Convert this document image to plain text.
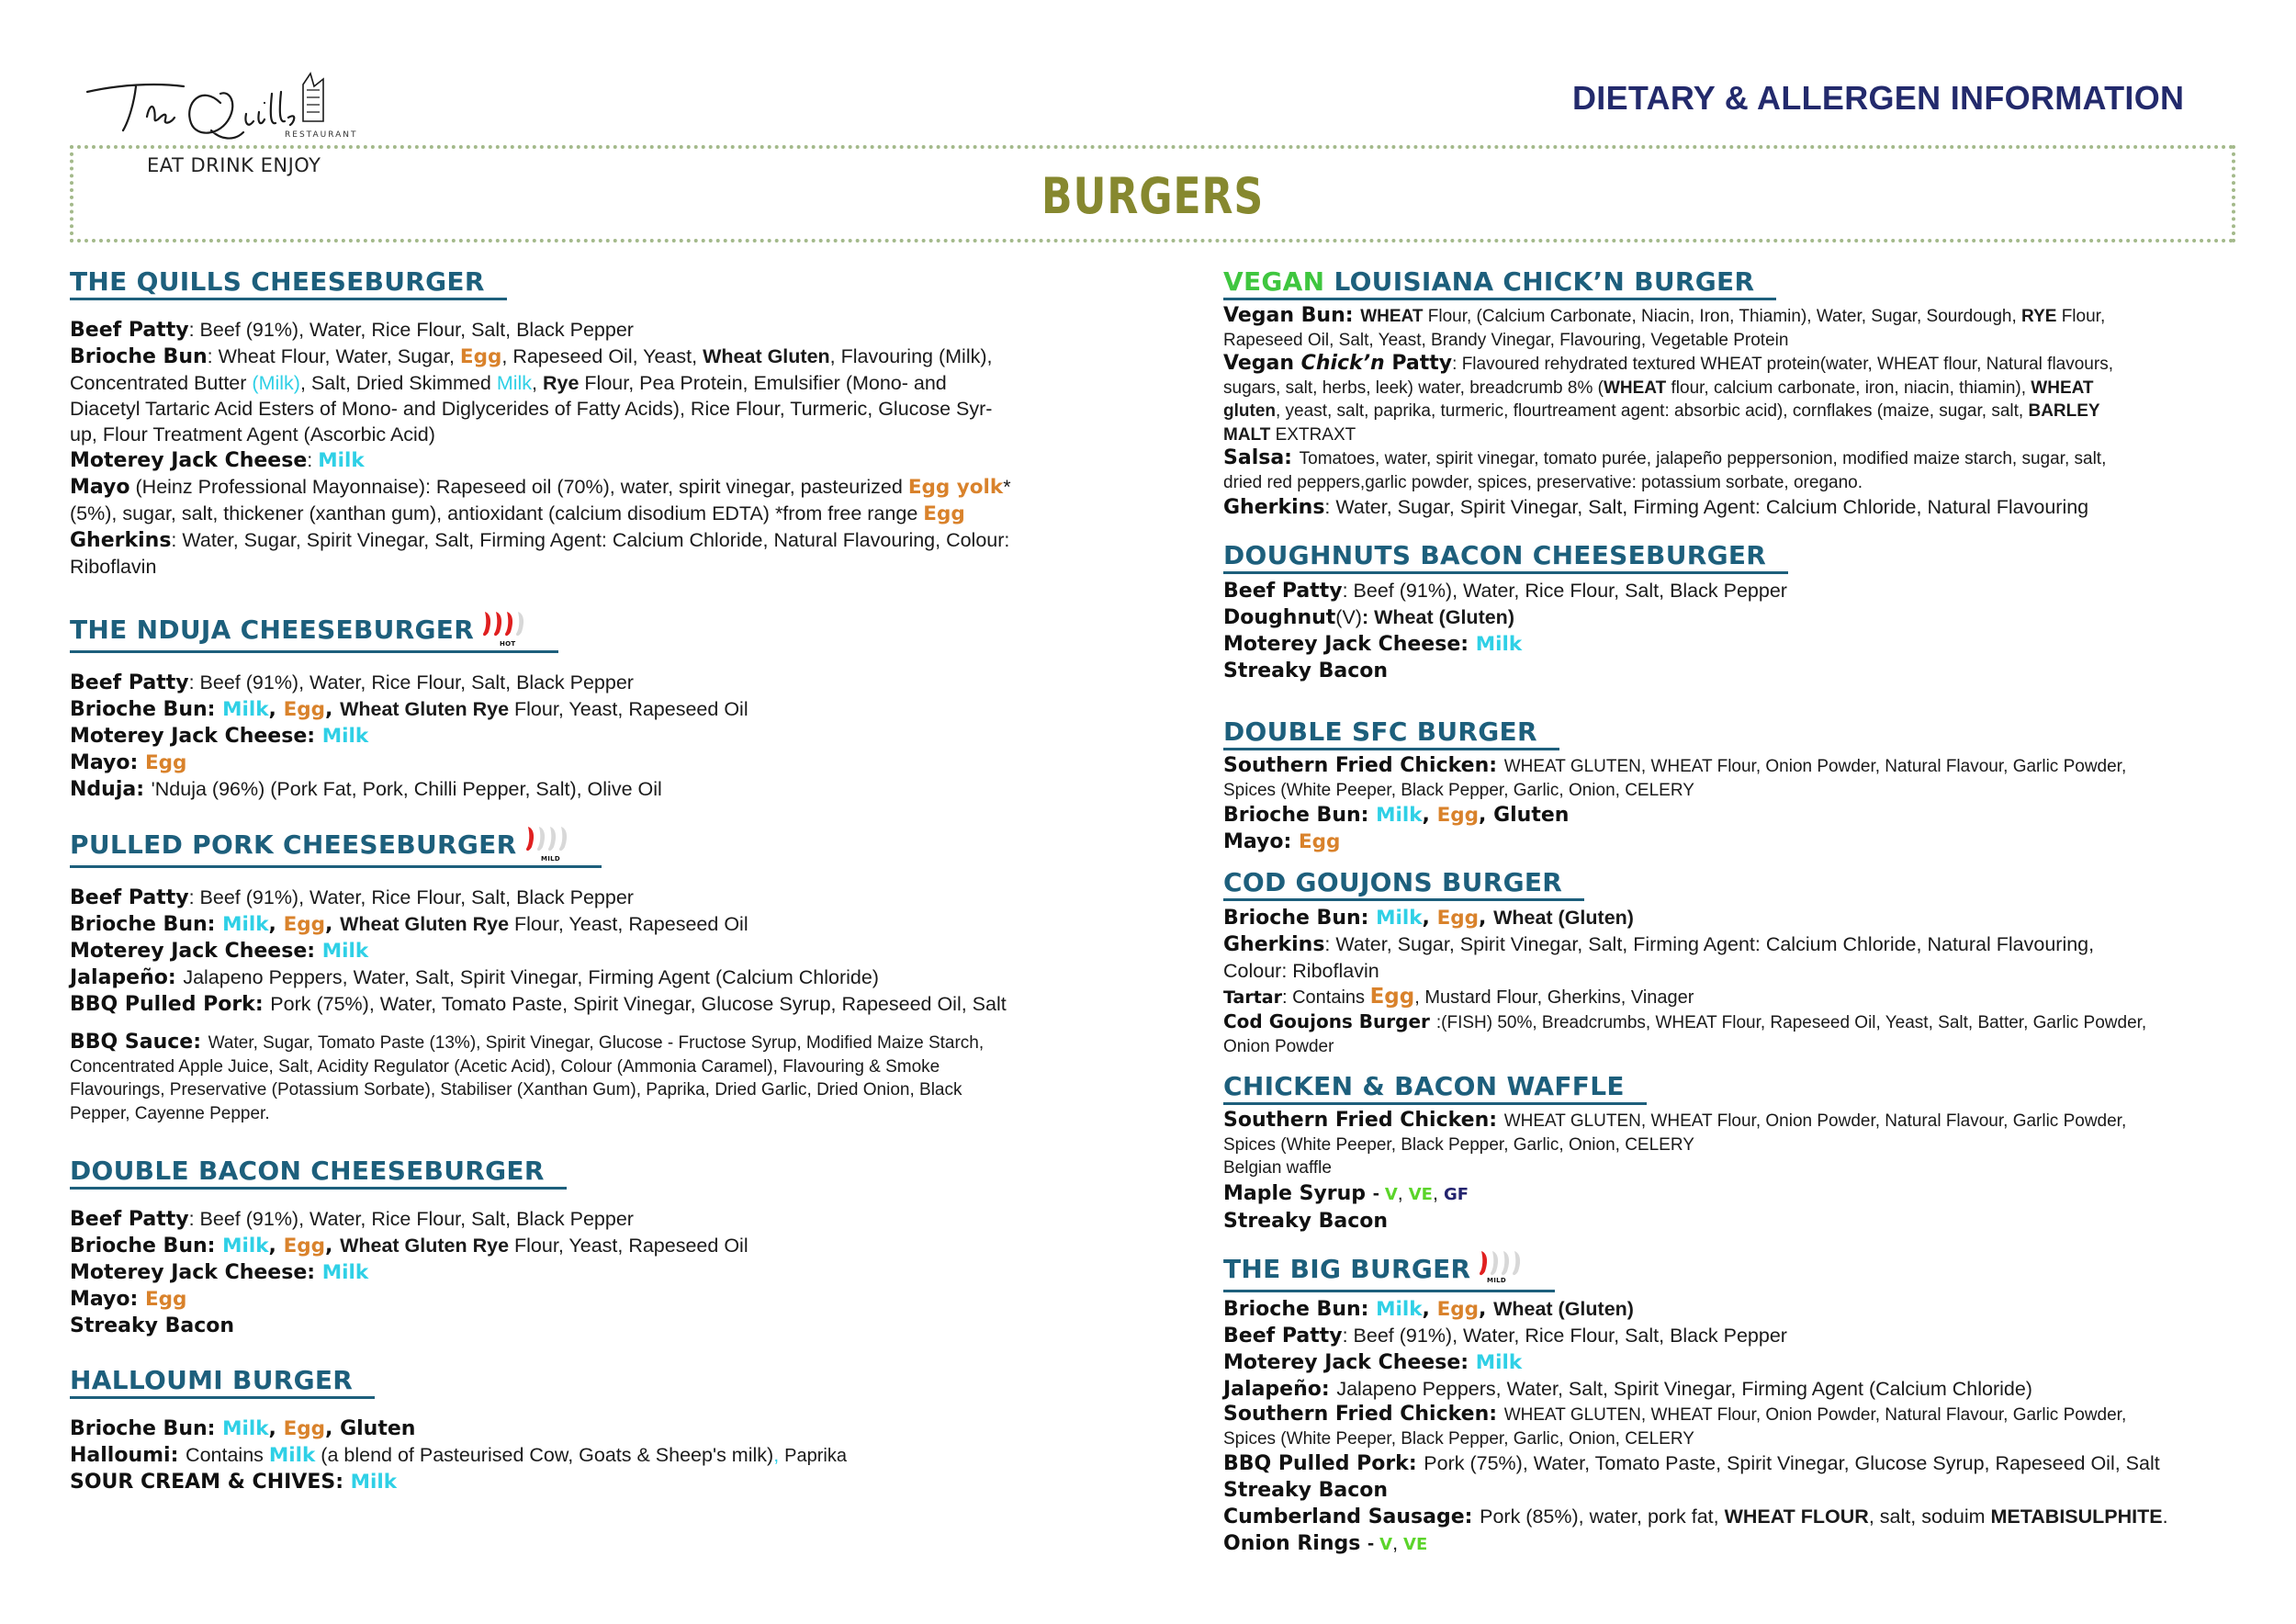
RESTAURANT
EAT DRINK ENJOY
DIETARY & ALLERGEN INFORMATION
BURGERS
THE QUILLS CHEESEBURGER
Beef Patty: Beef (91%), Water, Rice Flour, Salt, Black Pepper
Brioche Bun: Wheat Flour, Water, Sugar, Egg, Rapeseed Oil, Yeast, Wheat Gluten, Flavouring (Milk),
Concentrated Butter (Milk), Salt, Dried Skimmed Milk, Rye Flour, Pea Protein, Emulsifier (Mono- and
Diacetyl Tartaric Acid Esters of Mono- and Diglycerides of Fatty Acids), Rice Flour, Turmeric, Glucose Syr-
up, Flour Treatment Agent (Ascorbic Acid)
Moterey Jack Cheese: Milk
Mayo (Heinz Professional Mayonnaise): Rapeseed oil (70%), water, spirit vinegar, pasteurized Egg yolk*
(5%), sugar, salt, thickener (xanthan gum), antioxidant (calcium disodium EDTA) *from free range Egg
Gherkins: Water, Sugar, Spirit Vinegar, Salt, Firming Agent: Calcium Chloride, Natural Flavouring, Colour:
Riboflavin
THE NDUJA CHEESEBURGER	HOT
Beef Patty: Beef (91%), Water, Rice Flour, Salt, Black Pepper
Brioche Bun: Milk, Egg, Wheat Gluten Rye Flour, Yeast, Rapeseed Oil
Moterey Jack Cheese: Milk
Mayo: Egg
Nduja: 'Nduja (96%) (Pork Fat, Pork, Chilli Pepper, Salt), Olive Oil
PULLED PORK CHEESEBURGER	MILD
Beef Patty: Beef (91%), Water, Rice Flour, Salt, Black Pepper
Brioche Bun: Milk, Egg, Wheat Gluten Rye Flour, Yeast, Rapeseed Oil
Moterey Jack Cheese: Milk
Jalapeño: Jalapeno Peppers, Water, Salt, Spirit Vinegar, Firming Agent (Calcium Chloride)
BBQ Pulled Pork: Pork (75%), Water, Tomato Paste, Spirit Vinegar, Glucose Syrup, Rapeseed Oil, Salt
BBQ Sauce: Water, Sugar, Tomato Paste (13%), Spirit Vinegar, Glucose - Fructose Syrup, Modified Maize Starch,
Concentrated Apple Juice, Salt, Acidity Regulator (Acetic Acid), Colour (Ammonia Caramel), Flavouring & Smoke
Flavourings, Preservative (Potassium Sorbate), Stabiliser (Xanthan Gum), Paprika, Dried Garlic, Dried Onion, Black
Pepper, Cayenne Pepper.
DOUBLE BACON CHEESEBURGER
Beef Patty: Beef (91%), Water, Rice Flour, Salt, Black Pepper
Brioche Bun: Milk, Egg, Wheat Gluten Rye Flour, Yeast, Rapeseed Oil
Moterey Jack Cheese: Milk
Mayo: Egg
Streaky Bacon
HALLOUMI BURGER
Brioche Bun: Milk, Egg, Gluten
Halloumi: Contains Milk (a blend of Pasteurised Cow, Goats & Sheep's milk), Paprika
SOUR CREAM & CHIVES: Milk
VEGAN LOUISIANA CHICK’N BURGER
Vegan Bun: WHEAT Flour, (Calcium Carbonate, Niacin, Iron, Thiamin), Water, Sugar, Sourdough, RYE Flour,
Rapeseed Oil, Salt, Yeast, Brandy Vinegar, Flavouring, Vegetable Protein
Vegan Chick’n Patty: Flavoured rehydrated textured WHEAT protein(water, WHEAT flour, Natural flavours,
sugars, salt, herbs, leek) water, breadcrumb 8% (WHEAT flour, calcium carbonate, iron, niacin, thiamin), WHEAT
gluten, yeast, salt, paprika, turmeric, flourtreament agent: absorbic acid), cornflakes (maize, sugar, salt, BARLEY
MALT EXTRAXT
Salsa: Tomatoes, water, spirit vinegar, tomato purée, jalapeño peppersonion, modified maize starch, sugar, salt,
dried red peppers,garlic powder, spices, preservative: potassium sorbate, oregano.
Gherkins: Water, Sugar, Spirit Vinegar, Salt, Firming Agent: Calcium Chloride, Natural Flavouring
DOUGHNUTS BACON CHEESEBURGER
Beef Patty: Beef (91%), Water, Rice Flour, Salt, Black Pepper
Doughnut(V): Wheat (Gluten)
Moterey Jack Cheese: Milk
Streaky Bacon
DOUBLE SFC BURGER
Southern Fried Chicken: WHEAT GLUTEN, WHEAT Flour, Onion Powder, Natural Flavour, Garlic Powder,
Spices (White Peeper, Black Pepper, Garlic, Onion, CELERY
Brioche Bun: Milk, Egg, Gluten
Mayo: Egg
COD GOUJONS BURGER
Brioche Bun: Milk, Egg, Wheat (Gluten)
Gherkins: Water, Sugar, Spirit Vinegar, Salt, Firming Agent: Calcium Chloride, Natural Flavouring,
Colour: Riboflavin
Tartar: Contains Egg, Mustard Flour, Gherkins, Vinager
Cod Goujons Burger :(FISH) 50%, Breadcrumbs, WHEAT Flour, Rapeseed Oil, Yeast, Salt, Batter, Garlic Powder,
Onion Powder
CHICKEN & BACON WAFFLE
Southern Fried Chicken: WHEAT GLUTEN, WHEAT Flour, Onion Powder, Natural Flavour, Garlic Powder,
Spices (White Peeper, Black Pepper, Garlic, Onion, CELERY
Belgian waffle
Maple Syrup - V, VE, GF
Streaky Bacon
THE BIG BURGER	MILD
Brioche Bun: Milk, Egg, Wheat (Gluten)
Beef Patty: Beef (91%), Water, Rice Flour, Salt, Black Pepper
Moterey Jack Cheese: Milk
Jalapeño: Jalapeno Peppers, Water, Salt, Spirit Vinegar, Firming Agent (Calcium Chloride)
Southern Fried Chicken: WHEAT GLUTEN, WHEAT Flour, Onion Powder, Natural Flavour, Garlic Powder,
Spices (White Peeper, Black Pepper, Garlic, Onion, CELERY
BBQ Pulled Pork: Pork (75%), Water, Tomato Paste, Spirit Vinegar, Glucose Syrup, Rapeseed Oil, Salt
Streaky Bacon
Cumberland Sausage: Pork (85%), water, pork fat, WHEAT FLOUR, salt, soduim METABISULPHITE.
Onion Rings - V, VE
